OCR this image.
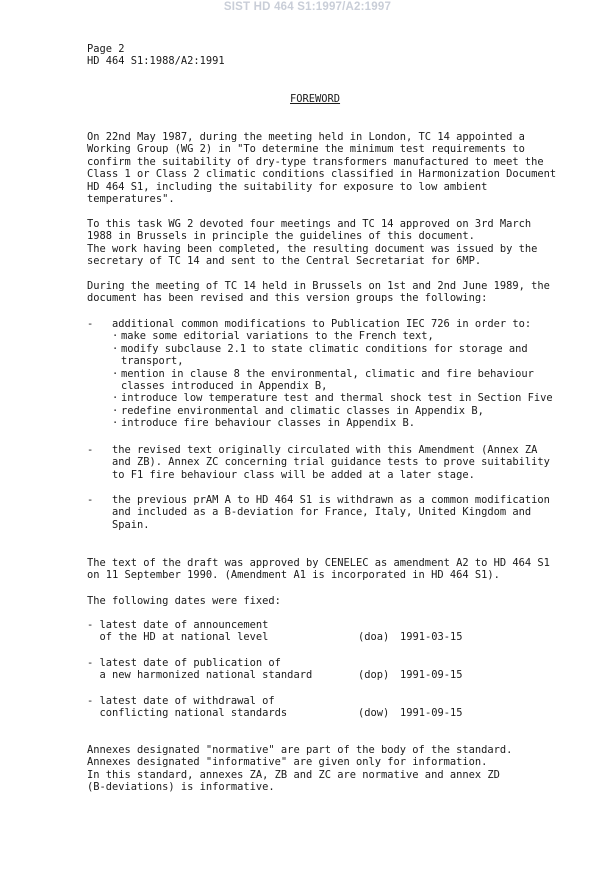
SIST HD 464 S1:1997/A2:1997
Page 2
HD 464 S1:1988/A2:1991
FOREWORD
On 22nd May 1987, during the meeting held in London, TC 14 appointed a
Working Group (WG 2) in "To determine the minimum test requirements to
confirm the suitability of dry-type transformers manufactured to meet the
Class 1 or Class 2 climatic conditions classified in Harmonization Document
HD 464 S1, including the suitability for exposure to low ambient
temperatures".
To this task WG 2 devoted four meetings and TC 14 approved on 3rd March
1988 in Brussels in principle the guidelines of this document.
The work having been completed, the resulting document was issued by the
secretary of TC 14 and sent to the Central Secretariat for 6MP.
During the meeting of TC 14 held in Brussels on 1st and 2nd June 1989, the
document has been revised and this version groups the following:
- additional common modifications to Publication IEC 726 in order to:
· make some editorial variations to the French text,
· modify subclause 2.1 to state climatic conditions for storage and
transport,
· mention in clause 8 the environmental, climatic and fire behaviour
classes introduced in Appendix B,
· introduce low temperature test and thermal shock test in Section Five
· redefine environmental and climatic classes in Appendix B,
· introduce fire behaviour classes in Appendix B.
- the revised text originally circulated with this Amendment (Annex ZA
and ZB). Annex ZC concerning trial guidance tests to prove suitability
to F1 fire behaviour class will be added at a later stage.
- the previous prAM A to HD 464 S1 is withdrawn as a common modification
and included as a B-deviation for France, Italy, United Kingdom and
Spain.
The text of the draft was approved by CENELEC as amendment A2 to HD 464 S1
on 11 September 1990. (Amendment A1 is incorporated in HD 464 S1).
The following dates were fixed:
- latest date of announcement
of the HD at national level	(doa) 1991-03-15
- latest date of publication of
a new harmonized national standard	(dop) 1991-09-15
- latest date of withdrawal of
conflicting national standards	(dow) 1991-09-15
Annexes designated "normative" are part of the body of the standard.
Annexes designated "informative" are given only for information.
In this standard, annexes ZA, ZB and ZC are normative and annex ZD
(B-deviations) is informative.
